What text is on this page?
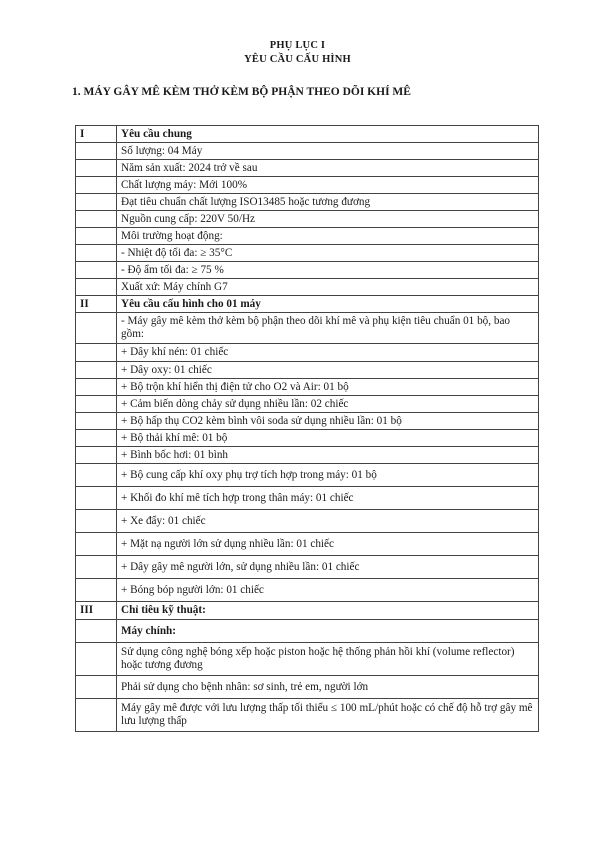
PHỤ LỤC I
YÊU CẦU CẤU HÌNH
1. MÁY GÂY MÊ KÈM THỞ KÈM BỘ PHẬN THEO DÕI KHÍ MÊ
I	Yêu cầu chung
	Số lượng: 04 Máy
	Năm sản xuất: 2024 trở về sau
	Chất lượng máy: Mới 100%
	Đạt tiêu chuẩn chất lượng ISO13485 hoặc tương đương
	Nguồn cung cấp: 220V 50/Hz
	Môi trường hoạt động:
	- Nhiệt độ tối đa: ≥ 35°C
	- Độ ẩm tối đa: ≥ 75 %
	Xuất xứ: Máy chính G7
II	Yêu cầu cấu hình cho 01 máy
	- Máy gây mê kèm thở kèm bộ phận theo dõi khí mê và phụ kiện tiêu chuẩn 01 bộ, bao gồm:
	+ Dây khí nén: 01 chiếc
	+ Dây oxy: 01 chiếc
	+ Bộ trộn khí hiển thị điện tử cho O2 và Air: 01 bộ
	+ Cảm biến dòng chảy sử dụng nhiều lần: 02 chiếc
	+ Bộ hấp thụ CO2 kèm bình vôi soda sử dụng nhiều lần: 01 bộ
	+ Bộ thải khí mê: 01 bộ
	+ Bình bốc hơi: 01 bình
	+ Bộ cung cấp khí oxy phụ trợ tích hợp trong máy: 01 bộ
	+ Khối đo khí mê tích hợp trong thân máy: 01 chiếc
	+ Xe đẩy: 01 chiếc
	+ Mặt nạ người lớn sử dụng nhiều lần: 01 chiếc
	+ Dây gây mê người lớn, sử dụng nhiều lần: 01 chiếc
	+ Bóng bóp người lớn: 01 chiếc
III	Chỉ tiêu kỹ thuật:
	Máy chính:
	Sử dụng công nghệ bóng xếp hoặc piston hoặc hệ thống phản hồi khí (volume reflector) hoặc tương đương
	Phải sử dụng cho bệnh nhân: sơ sinh, trẻ em, người lớn
	Máy gây mê được với lưu lượng thấp tối thiểu ≤ 100 mL/phút hoặc có chế độ hỗ trợ gây mê lưu lượng thấp
